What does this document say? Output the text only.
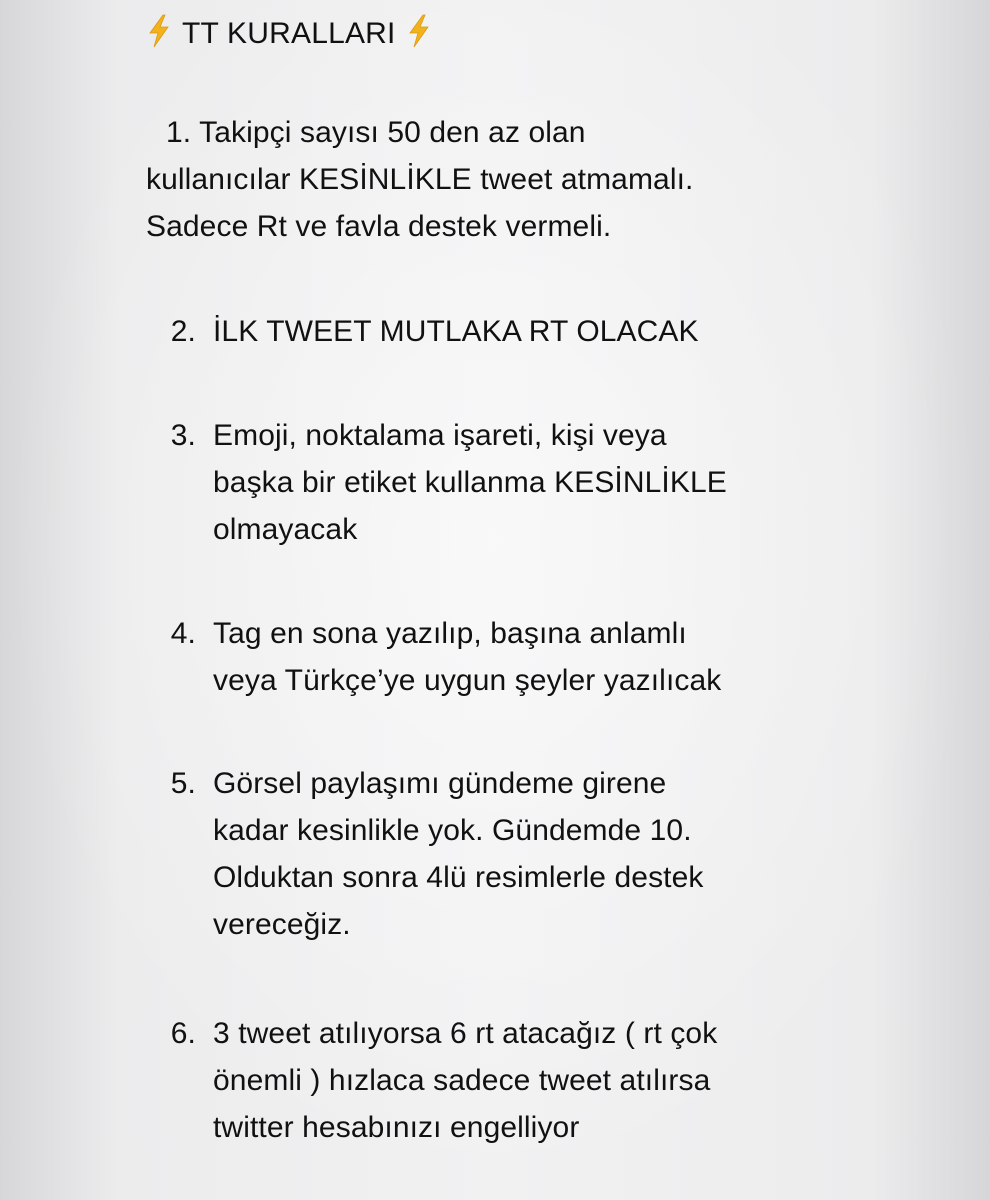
TT KURALLARI
1. Takipçi sayısı 50 den az olan
kullanıcılar KESİNLİKLE tweet atmamalı.
Sadece Rt ve favla destek vermeli.
2. İLK TWEET MUTLAKA RT OLACAK
3. Emoji, noktalama işareti, kişi veya
başka bir etiket kullanma KESİNLİKLE
olmayacak
4. Tag en sona yazılıp, başına anlamlı
veya Türkçe’ye uygun şeyler yazılıcak
5. Görsel paylaşımı gündeme girene
kadar kesinlikle yok. Gündemde 10.
Olduktan sonra 4lü resimlerle destek
vereceğiz.
6. 3 tweet atılıyorsa 6 rt atacağız ( rt çok
önemli ) hızlaca sadece tweet atılırsa
twitter hesabınızı engelliyor
